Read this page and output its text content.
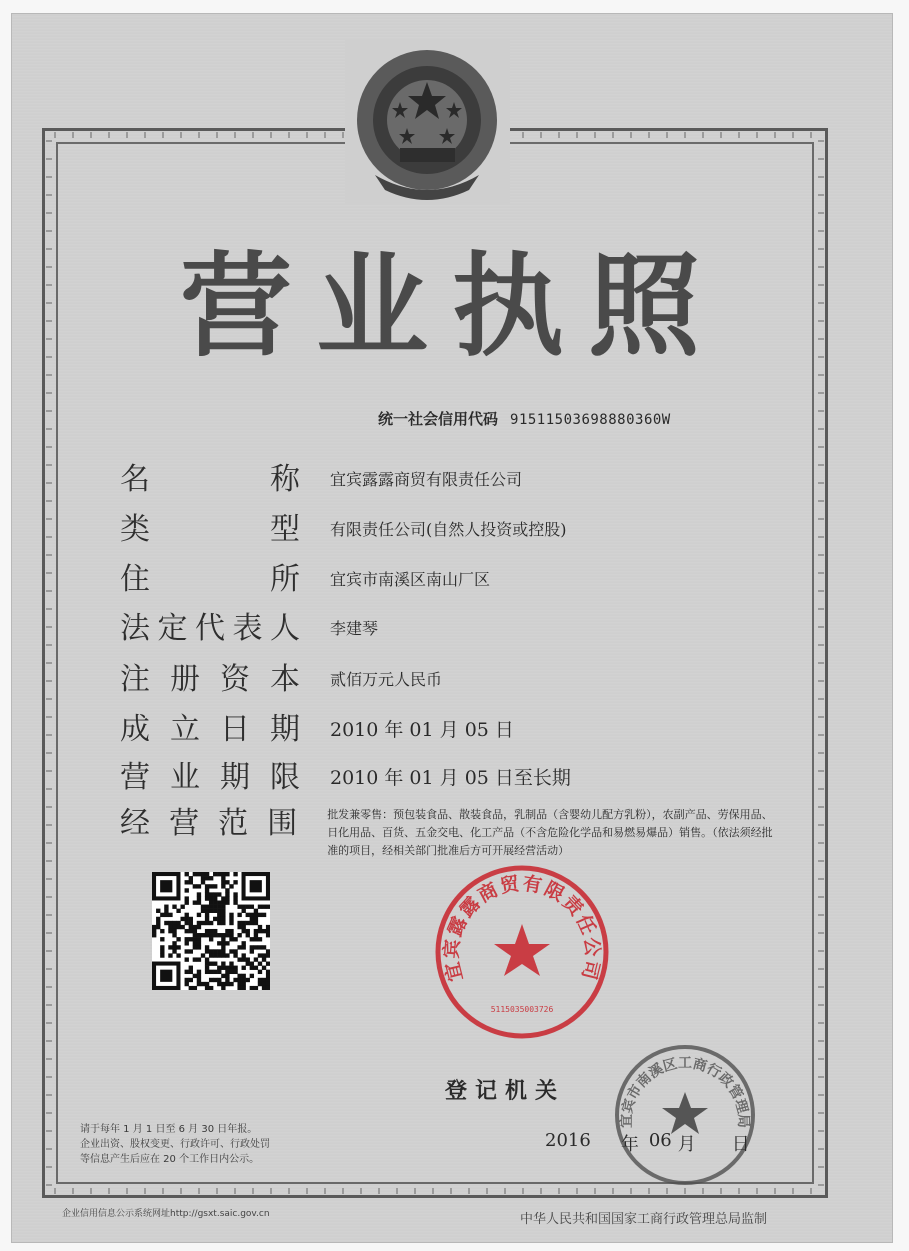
营 业 执 照
统一社会信用代码 91511503698880360W
名	称 宜宾露露商贸有限责任公司
类	型 有限责任公司(自然人投资或控股)
住	所 宜宾市南溪区南山厂区
法 定 代 表 人 李建琴
注 册 资 本 贰佰万元人民币
成 立 日 期 2010 年 01 月 05 日
营 业 期 限 2010 年 01 月 05 日至长期
经 营 范 围	批发兼零售：预包装食品、散装食品，乳制品（含婴幼儿配方乳粉），农副产品、劳保用品、日化用品、百货、五金交电、化工产品（不含危险化学品和易燃易爆品）销售。（依法须经批准的项目，经相关部门批准后方可开展经营活动）
宜宾露露商贸有限责任公司
5115035003726
登记机关
宜宾市南溪区工商行政管理局
2016 年 06 月 日
请于每年 1 月 1 日至 6 月 30 日年报。
企业出资、股权变更、行政许可、行政处罚
等信息产生后应在 20 个工作日内公示。
企业信用信息公示系统网址http://gsxt.saic.gov.cn	中华人民共和国国家工商行政管理总局监制
